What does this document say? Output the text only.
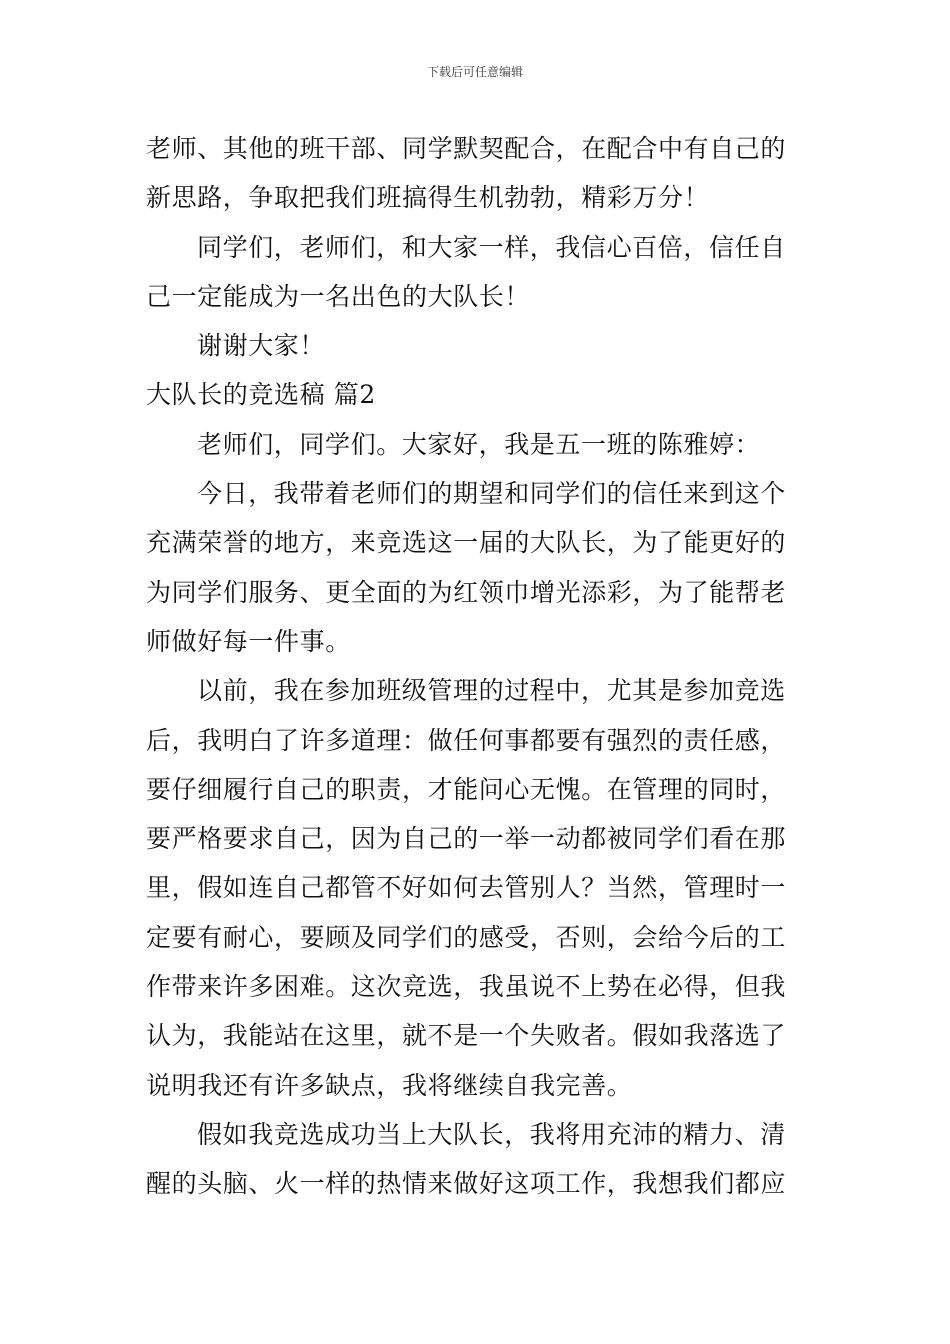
下载后可任意编辑
老师、其他的班干部、同学默契配合，在配合中有自己的
新思路，争取把我们班搞得生机勃勃，精彩万分！
同学们，老师们，和大家一样，我信心百倍，信任自
己一定能成为一名出色的大队长！
谢谢大家！
大队长的竞选稿 篇2
老师们，同学们。大家好，我是五一班的陈雅婷：
今日，我带着老师们的期望和同学们的信任来到这个
充满荣誉的地方，来竞选这一届的大队长，为了能更好的
为同学们服务、更全面的为红领巾增光添彩，为了能帮老
师做好每一件事。
以前，我在参加班级管理的过程中，尤其是参加竞选
后，我明白了许多道理：做任何事都要有强烈的责任感，
要仔细履行自己的职责，才能问心无愧。在管理的同时，
要严格要求自己，因为自己的一举一动都被同学们看在那
里，假如连自己都管不好如何去管别人？当然，管理时一
定要有耐心，要顾及同学们的感受，否则，会给今后的工
作带来许多困难。这次竞选，我虽说不上势在必得，但我
认为，我能站在这里，就不是一个失败者。假如我落选了
说明我还有许多缺点，我将继续自我完善。
假如我竞选成功当上大队长，我将用充沛的精力、清
醒的头脑、火一样的热情来做好这项工作，我想我们都应
